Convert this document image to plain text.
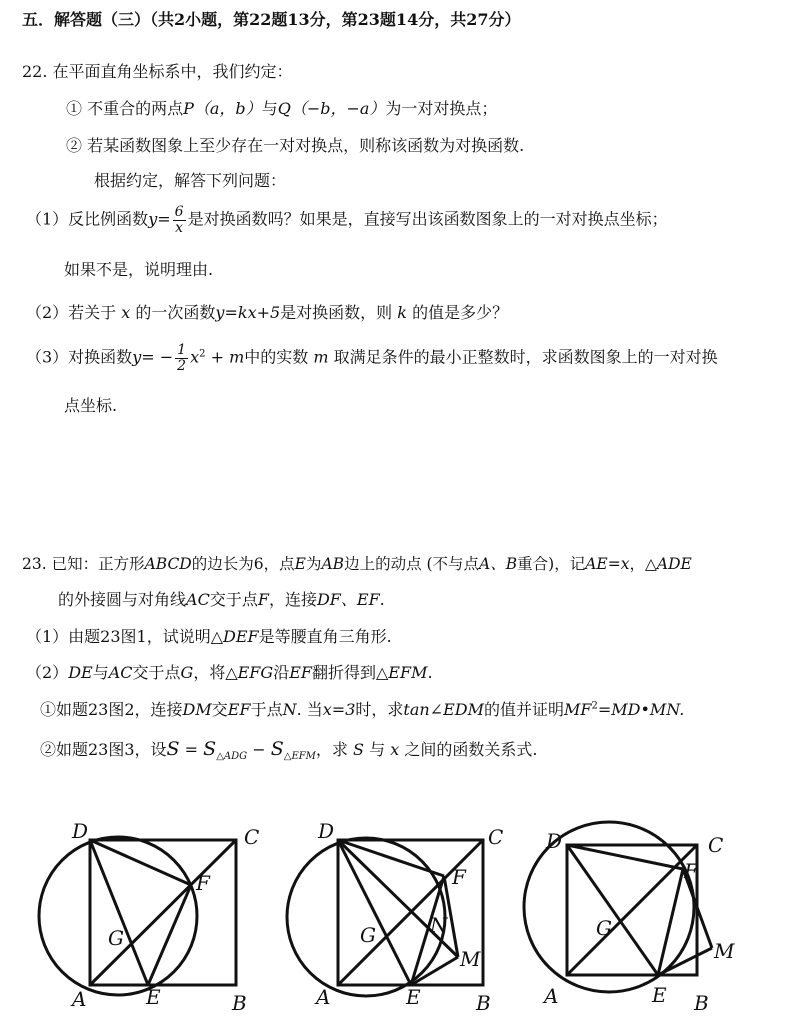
五．解答题（三）（共2小题，第22题13分，第23题14分，共27分）
22. 在平面直角坐标系中，我们约定：
① 不重合的两点P（a，b）与Q（−b，−a）为一对对换点；
② 若某函数图象上至少存在一对对换点，则称该函数为对换函数.
根据约定，解答下列问题：
（1）反比例函数$y= \frac{6}{x}$ 是对换函数吗？如果是，直接写出该函数图象上的一对对换点坐标；
如果不是，说明理由.
（2）若关于 x 的一次函数y=kx+5是对换函数，则 k 的值是多少？
（3）对换函数$y= - \frac{1}{2} x^2 + m$中的实数 m 取满足条件的最小正整数时，求函数图象上的一对对换
点坐标.
23. 已知：正方形ABCD的边长为6，点E为AB边上的动点 (不与点A、B重合)，记AE=x，△ADE
的外接圆与对角线AC交于点F，连接DF、EF.
（1）由题23图1，试说明△DEF是等腰直角三角形.
（2）DE与AC交于点G，将△EFG沿EF翻折得到△EFM.
①如题23图2，连接DM交EF于点N. 当x=3时，求tan∠EDM的值并证明$MF^2=MD•MN$.
②如题23图3，设$S = S_{\triangle ADG} - S_{\triangle EFM}$，求 S 与 x 之间的函数关系式.
D	C
F
G
A	E	B
D	C
F
G	N
M
A	E	B
D	C
F
G
M
A	E B
